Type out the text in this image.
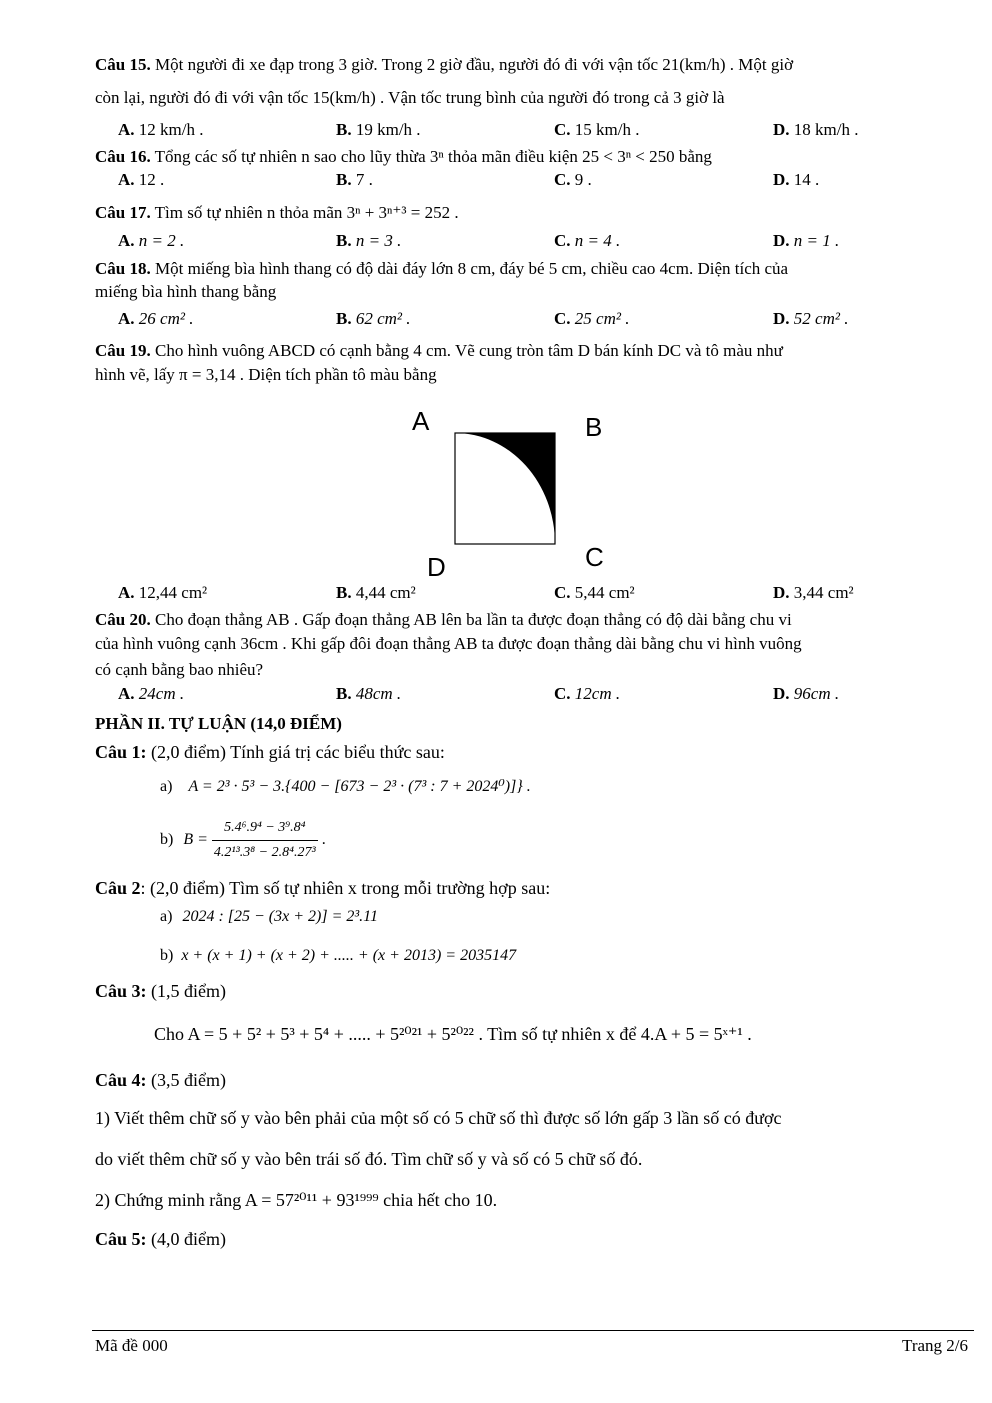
Câu 15. Một người đi xe đạp trong 3 giờ. Trong 2 giờ đầu, người đó đi với vận tốc 21(km/h) . Một giờ
còn lại, người đó đi với vận tốc 15(km/h) . Vận tốc trung bình của người đó trong cả 3 giờ là
A. 12 km/h .	B. 19 km/h .	C. 15 km/h .	D. 18 km/h .
Câu 16. Tổng các số tự nhiên n sao cho lũy thừa 3ⁿ thỏa mãn điều kiện 25 < 3ⁿ < 250 bằng
A. 12 .	B. 7 .	C. 9 .	D. 14 .
Câu 17. Tìm số tự nhiên n thỏa mãn 3ⁿ + 3ⁿ⁺³ = 252 .
A. n = 2 .	B. n = 3 .	C. n = 4 .	D. n = 1 .
Câu 18. Một miếng bìa hình thang có độ dài đáy lớn 8 cm, đáy bé 5 cm, chiều cao 4cm. Diện tích của
miếng bìa hình thang bằng
A. 26 cm² .	B. 62 cm² .	C. 25 cm² .	D. 52 cm² .
Câu 19. Cho hình vuông ABCD có cạnh bằng 4 cm. Vẽ cung tròn tâm D bán kính DC và tô màu như
hình vẽ, lấy π = 3,14 . Diện tích phần tô màu bằng
A	B
C
D
A. 12,44 cm²	B. 4,44 cm²	C. 5,44 cm²	D. 3,44 cm²
Câu 20. Cho đoạn thẳng AB . Gấp đoạn thẳng AB lên ba lần ta được đoạn thẳng có độ dài bằng chu vi
của hình vuông cạnh 36cm . Khi gấp đôi đoạn thẳng AB ta được đoạn thẳng dài bằng chu vi hình vuông
có cạnh bằng bao nhiêu?
A. 24cm .	B. 48cm .	C. 12cm .	D. 96cm .
PHẦN II. TỰ LUẬN (14,0 ĐIỂM)
Câu 1: (2,0 điểm) Tính giá trị các biểu thức sau:
a) A = 2³ · 5³ − 3.{400 − [673 − 2³ · (7³ : 7 + 2024⁰)]} .
b) $B = \frac{\text{5.4⁶.9⁴ − 3⁹.8⁴}}{\text{4.2¹³.3⁸ − 2.8⁴.27³}}$ .
Câu 2: (2,0 điểm) Tìm số tự nhiên x trong mỗi trường hợp sau:
a) 2024 : [25 − (3x + 2)] = 2³.11
b) x + (x + 1) + (x + 2) + ..... + (x + 2013) = 2035147
Câu 3: (1,5 điểm)
Cho A = 5 + 5² + 5³ + 5⁴ + ..... + 5²⁰²¹ + 5²⁰²² . Tìm số tự nhiên x để 4.A + 5 = 5ˣ⁺¹ .
Câu 4: (3,5 điểm)
1) Viết thêm chữ số y vào bên phải của một số có 5 chữ số thì được số lớn gấp 3 lần số có được
do viết thêm chữ số y vào bên trái số đó. Tìm chữ số y và số có 5 chữ số đó.
2) Chứng minh rằng A = 57²⁰¹¹ + 93¹⁹⁹⁹ chia hết cho 10.
Câu 5: (4,0 điểm)
Mã đề 000	Trang 2/6
